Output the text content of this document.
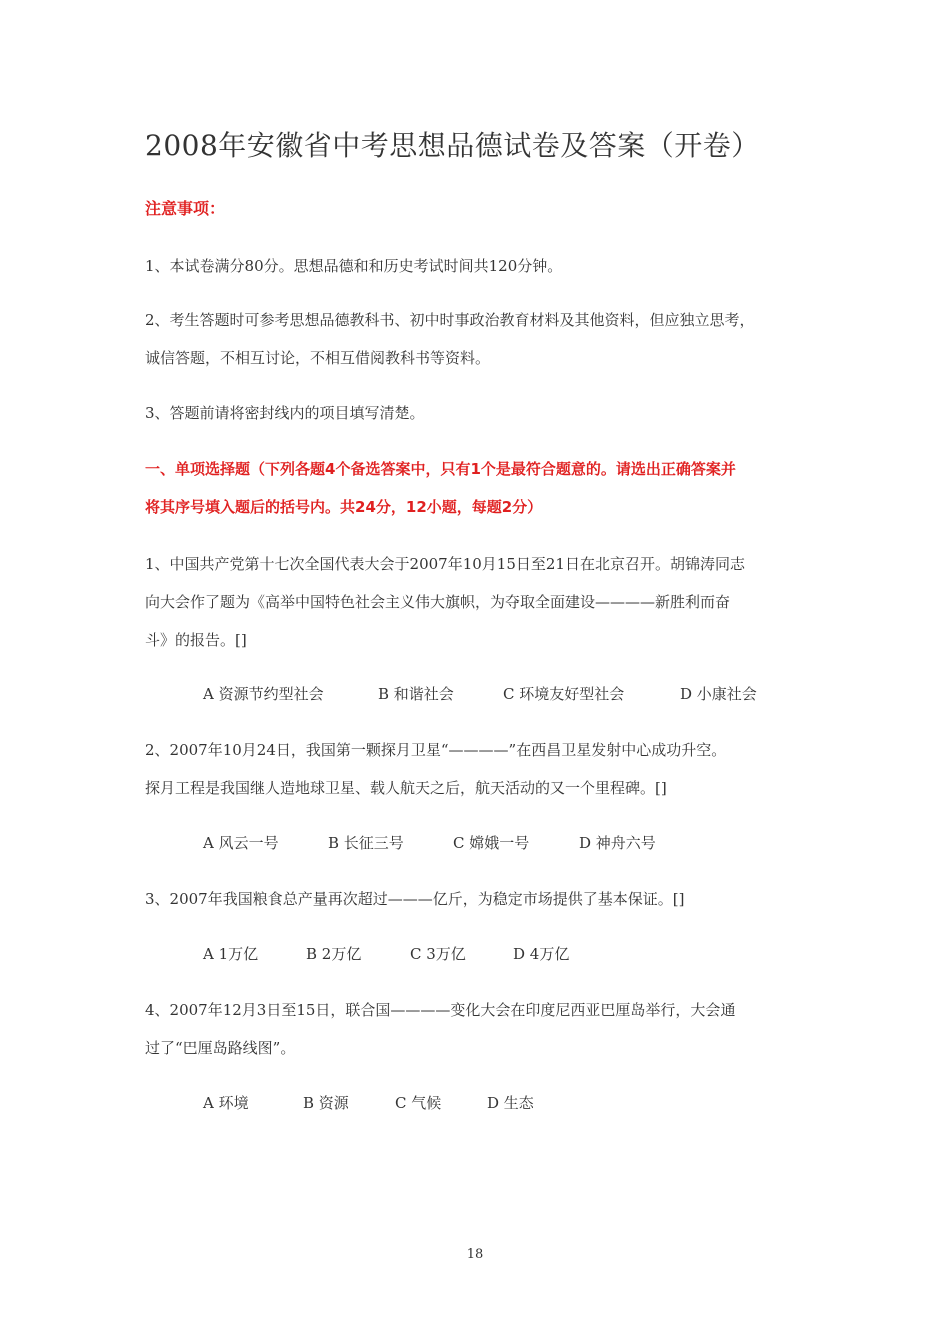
2008年安徽省中考思想品德试卷及答案（开卷）
注意事项：
1、本试卷满分80分。思想品德和和历史考试时间共120分钟。
2、考生答题时可参考思想品德教科书、初中时事政治教育材料及其他资料，但应独立思考，
诚信答题，不相互讨论，不相互借阅教科书等资料。
3、答题前请将密封线内的项目填写清楚。
一、单项选择题（下列各题4个备选答案中，只有1个是最符合题意的。请选出正确答案并
将其序号填入题后的括号内。共24分，12小题，每题2分）
1、中国共产党第十七次全国代表大会于2007年10月15日至21日在北京召开。胡锦涛同志
向大会作了题为《高举中国特色社会主义伟大旗帜，为夺取全面建设————新胜利而奋
斗》的报告。[]
A 资源节约型社会	B 和谐社会	C 环境友好型社会	D 小康社会
2、2007年10月24日，我国第一颗探月卫星“————”在西昌卫星发射中心成功升空。
探月工程是我国继人造地球卫星、载人航天之后，航天活动的又一个里程碑。[]
A 风云一号	B 长征三号	C 嫦娥一号	D 神舟六号
3、2007年我国粮食总产量再次超过———亿斤，为稳定市场提供了基本保证。[]
A 1万亿	B 2万亿	C 3万亿	D 4万亿
4、2007年12月3日至15日，联合国————变化大会在印度尼西亚巴厘岛举行，大会通
过了“巴厘岛路线图”。
A 环境	B 资源	C 气候	D 生态
18
